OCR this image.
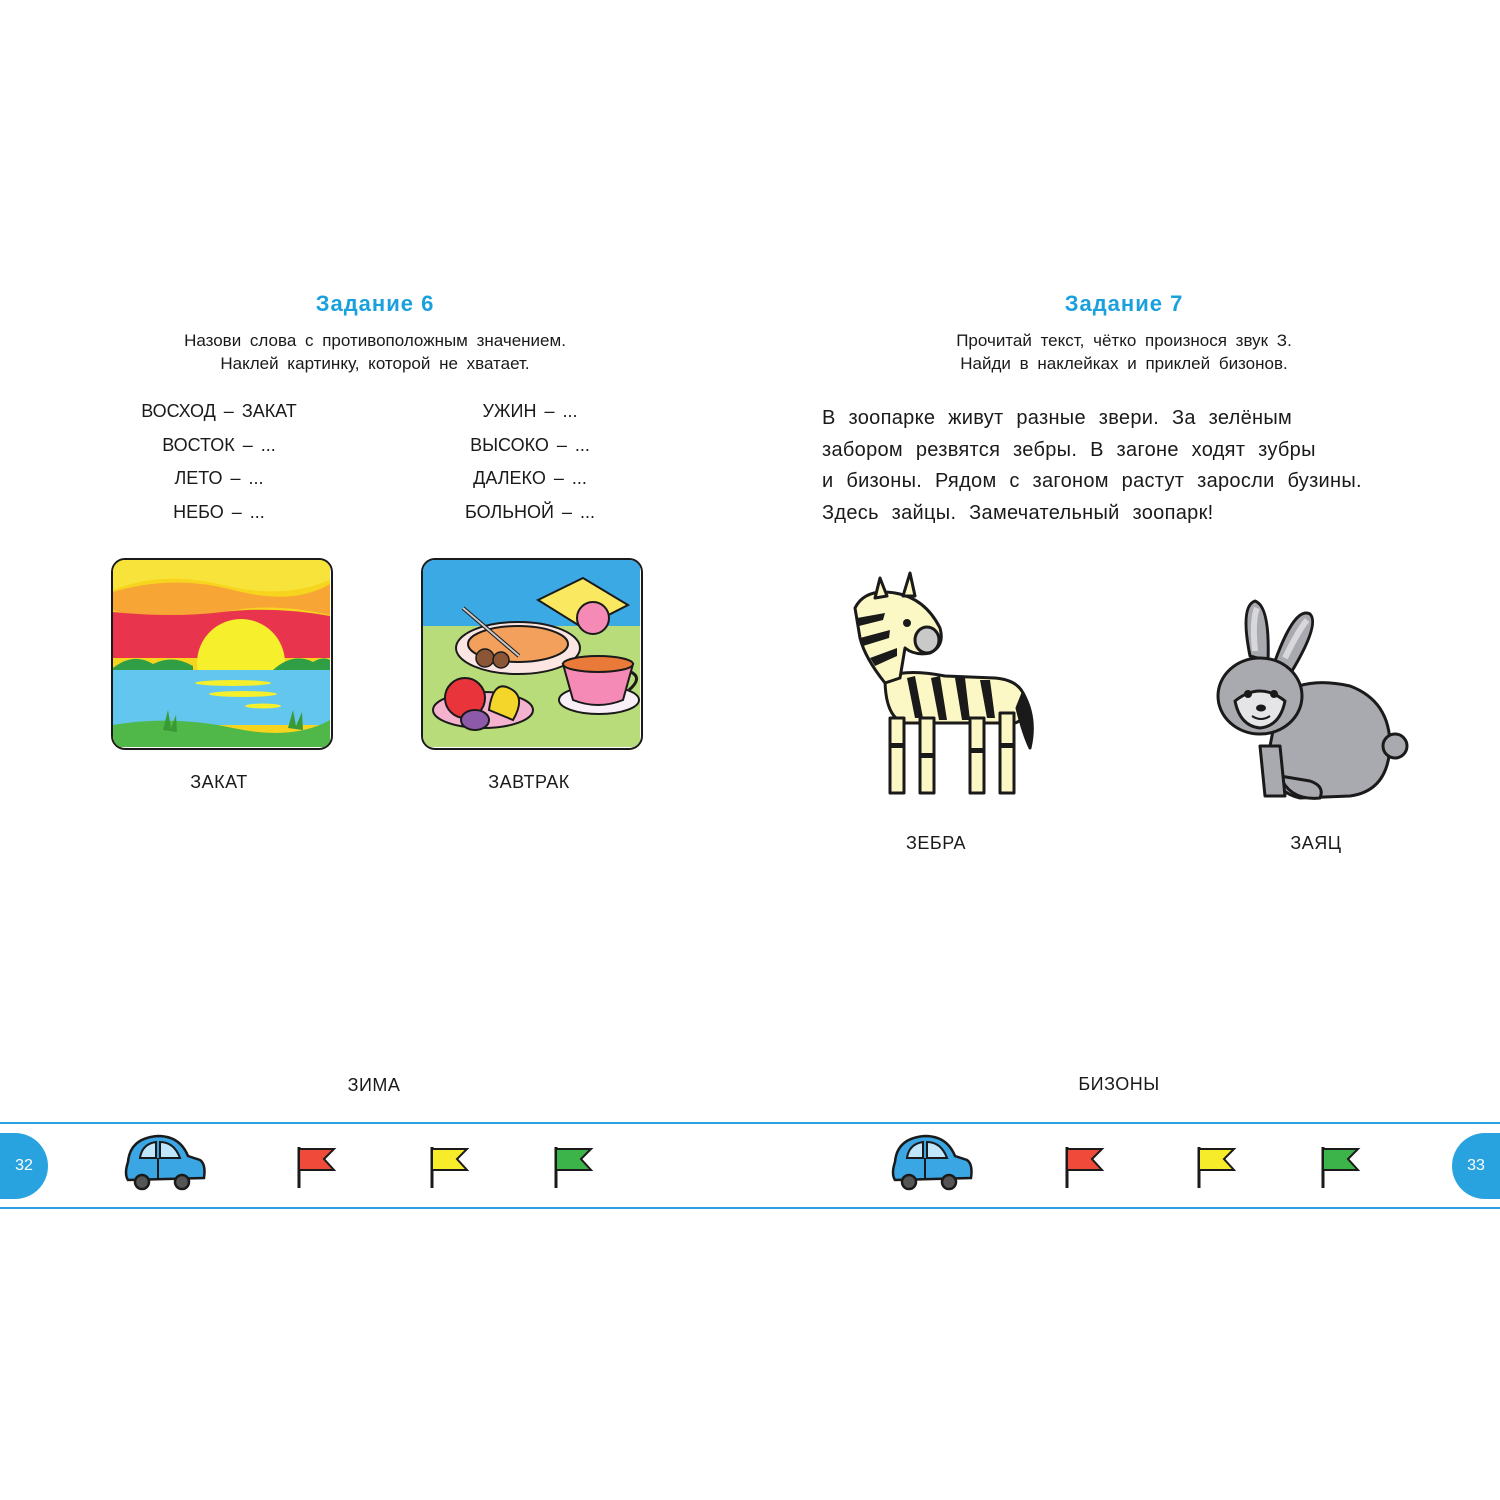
Задание 6
Назови слова с противоположным значением.
Наклей картинку, которой не хватает.
ВОСХОД – ЗАКАТ
ВОСТОК – ...
ЛЕТО – ...
НЕБО – ...
УЖИН – ...
ВЫСОКО – ...
ДАЛЕКО – ...
БОЛЬНОЙ – ...
ЗАКАТ	ЗАВТРАК
ЗИМА
Задание 7
Прочитай текст, чётко произнося звук З.
Найди в наклейках и приклей бизонов.
В зоопарке живут разные звери. За зелёным
забором резвятся зебры. В загоне ходят зубры
и бизоны. Рядом с загоном растут заросли бузины.
Здесь зайцы. Замечательный зоопарк!
ЗЕБРА	ЗАЯЦ
БИЗОНЫ
32	33
